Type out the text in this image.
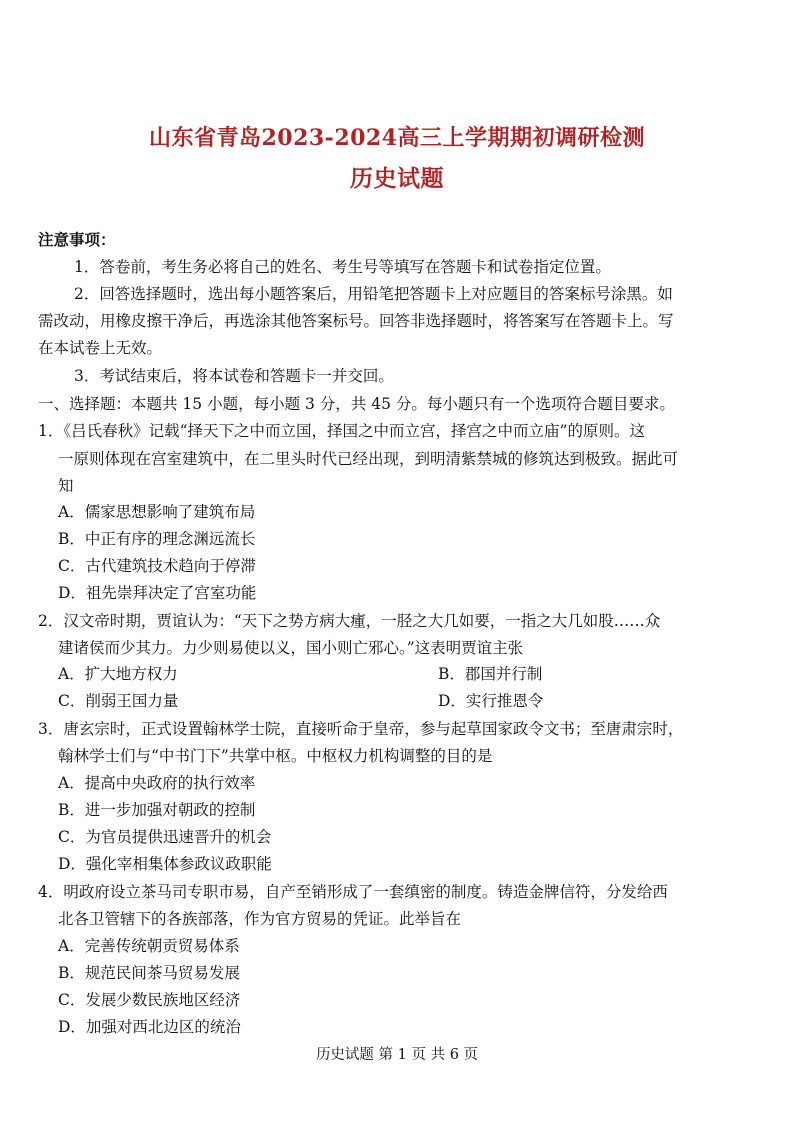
山东省青岛2023-2024高三上学期期初调研检测
历史试题
注意事项：
1．答卷前，考生务必将自己的姓名、考生号等填写在答题卡和试卷指定位置。
2．回答选择题时，选出每小题答案后，用铅笔把答题卡上对应题目的答案标号涂黑。如
需改动，用橡皮擦干净后，再选涂其他答案标号。回答非选择题时，将答案写在答题卡上。写
在本试卷上无效。
3．考试结束后，将本试卷和答题卡一并交回。
一、选择题：本题共 15 小题，每小题 3 分，共 45 分。每小题只有一个选项符合题目要求。
1．《吕氏春秋》记载“择天下之中而立国，择国之中而立宫，择宫之中而立庙”的原则。这
一原则体现在宫室建筑中，在二里头时代已经出现，到明清紫禁城的修筑达到极致。据此可
知
A．儒家思想影响了建筑布局
B．中正有序的理念渊远流长
C．古代建筑技术趋向于停滞
D．祖先崇拜决定了宫室功能
2．汉文帝时期，贾谊认为：“天下之势方病大瘇，一胫之大几如要，一指之大几如股……众
建诸侯而少其力。力少则易使以义，国小则亡邪心。”这表明贾谊主张
A．扩大地方权力	B．郡国并行制
C．削弱王国力量	D．实行推恩令
3．唐玄宗时，正式设置翰林学士院，直接听命于皇帝，参与起草国家政令文书；至唐肃宗时，
翰林学士们与“中书门下”共掌中枢。中枢权力机构调整的目的是
A．提高中央政府的执行效率
B．进一步加强对朝政的控制
C．为官员提供迅速晋升的机会
D．强化宰相集体参政议政职能
4．明政府设立茶马司专职市易，自产至销形成了一套缜密的制度。铸造金牌信符，分发给西
北各卫管辖下的各族部落，作为官方贸易的凭证。此举旨在
A．完善传统朝贡贸易体系
B．规范民间茶马贸易发展
C．发展少数民族地区经济
D．加强对西北边区的统治
历史试题 第 1 页 共 6 页
